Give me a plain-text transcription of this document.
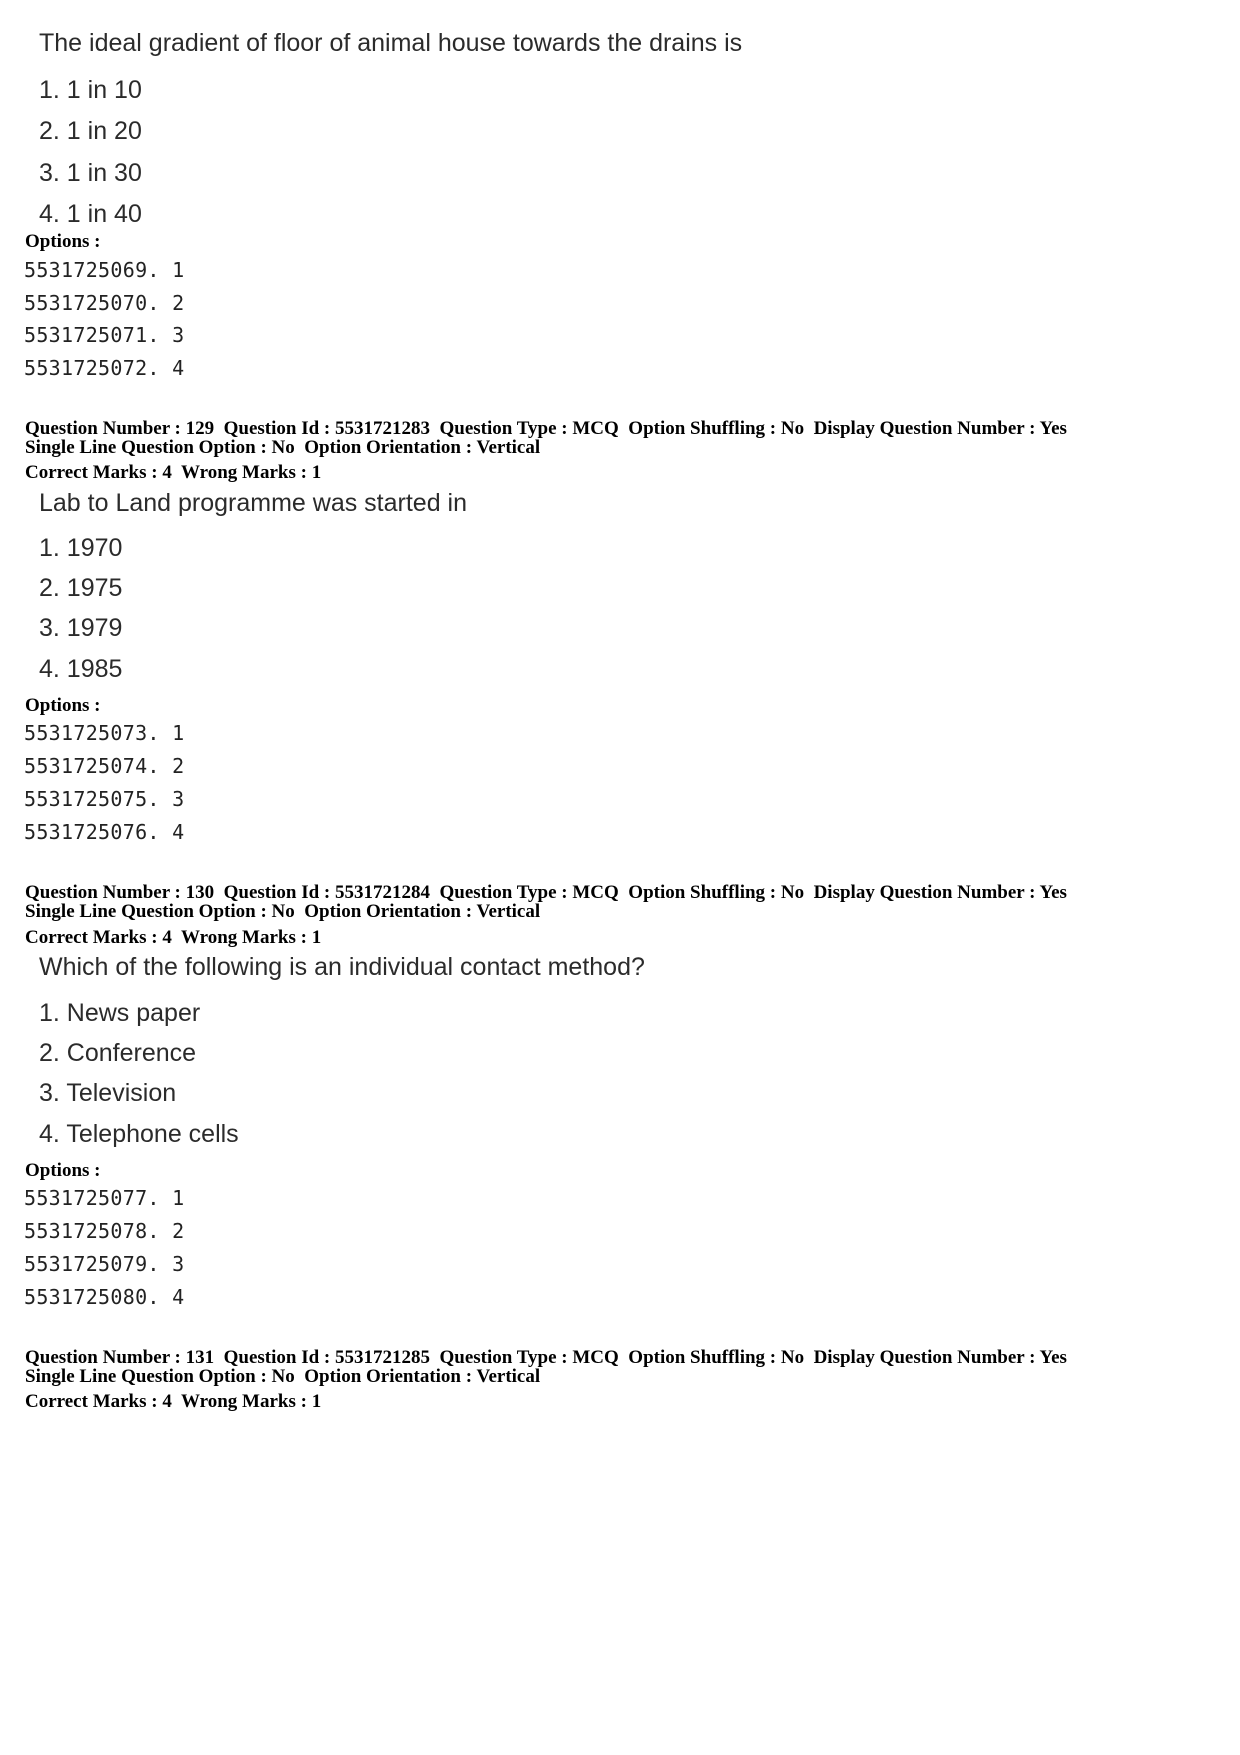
The ideal gradient of floor of animal house towards the drains is
1. 1 in 10
2. 1 in 20
3. 1 in 30
4. 1 in 40
Options :
5531725069. 1
5531725070. 2
5531725071. 3
5531725072. 4
Question Number : 129  Question Id : 5531721283  Question Type : MCQ  Option Shuffling : No  Display Question Number : Yes
Single Line Question Option : No  Option Orientation : Vertical
Correct Marks : 4  Wrong Marks : 1
Lab to Land programme was started in
1. 1970
2. 1975
3. 1979
4. 1985
Options :
5531725073. 1
5531725074. 2
5531725075. 3
5531725076. 4
Question Number : 130  Question Id : 5531721284  Question Type : MCQ  Option Shuffling : No  Display Question Number : Yes
Single Line Question Option : No  Option Orientation : Vertical
Correct Marks : 4  Wrong Marks : 1
Which of the following is an individual contact method?
1. News paper
2. Conference
3. Television
4. Telephone cells
Options :
5531725077. 1
5531725078. 2
5531725079. 3
5531725080. 4
Question Number : 131  Question Id : 5531721285  Question Type : MCQ  Option Shuffling : No  Display Question Number : Yes
Single Line Question Option : No  Option Orientation : Vertical
Correct Marks : 4  Wrong Marks : 1
